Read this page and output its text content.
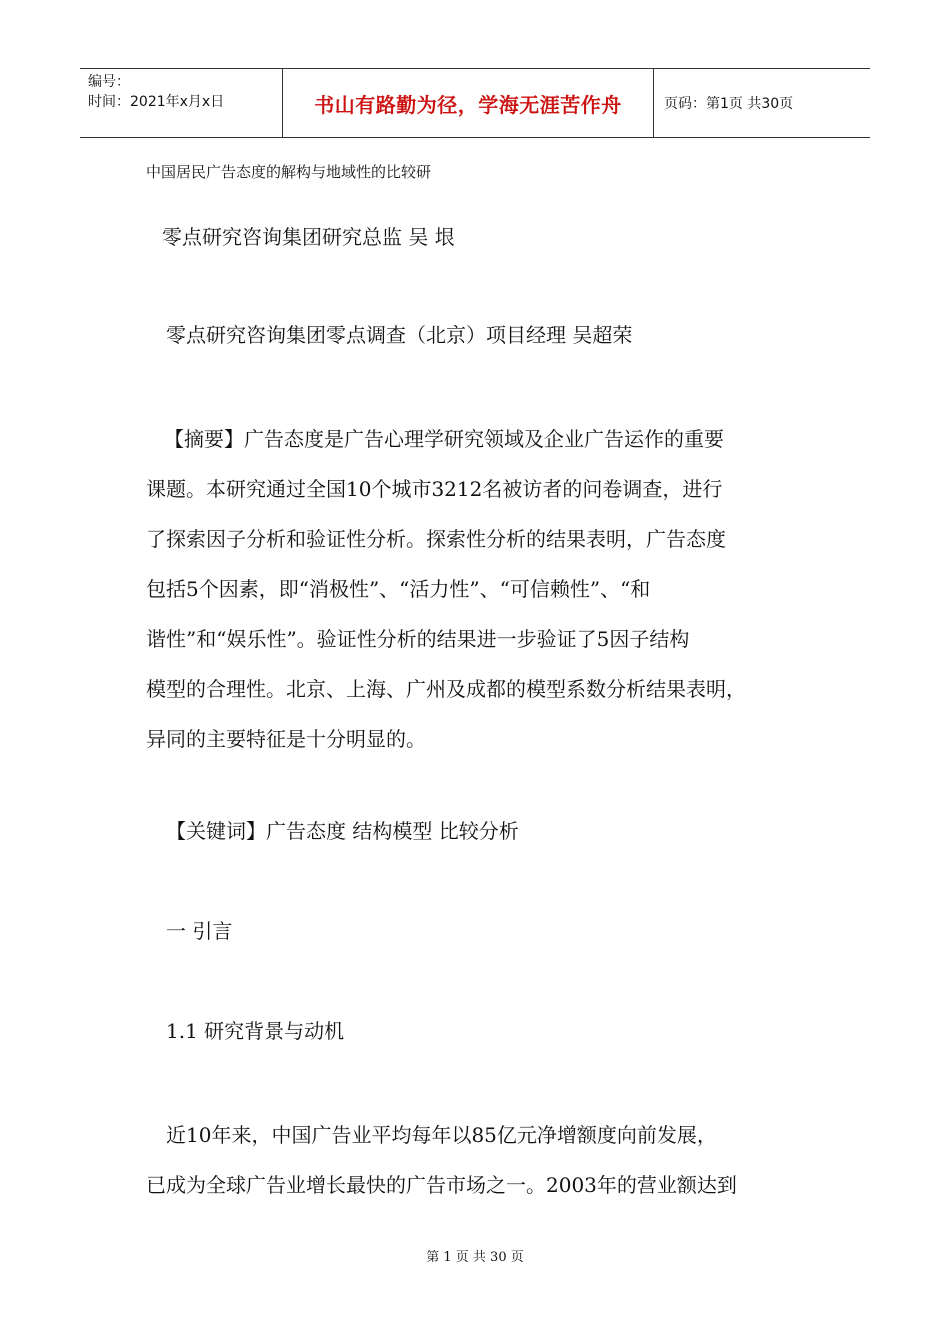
编号：
时间：2021年x月x日	书山有路勤为径，学海无涯苦作舟	页码：第1页 共30页
中国居民广告态度的解构与地域性的比较研
零点研究咨询集团研究总监 吴 垠
零点研究咨询集团零点调查（北京）项目经理 吴超荣
【摘要】广告态度是广告心理学研究领域及企业广告运作的重要
课题。本研究通过全国10个城市3212名被访者的问卷调查，进行
了探索因子分析和验证性分析。探索性分析的结果表明，广告态度
包括5个因素，即“消极性”、“活力性”、“可信赖性”、“和
谐性”和“娱乐性”。验证性分析的结果进一步验证了5因子结构
模型的合理性。北京、上海、广州及成都的模型系数分析结果表明，
异同的主要特征是十分明显的。
【关键词】广告态度 结构模型 比较分析
一 引言
1.1 研究背景与动机
近10年来，中国广告业平均每年以85亿元净增额度向前发展，
已成为全球广告业增长最快的广告市场之一。2003年的营业额达到
第 1 页 共 30 页
